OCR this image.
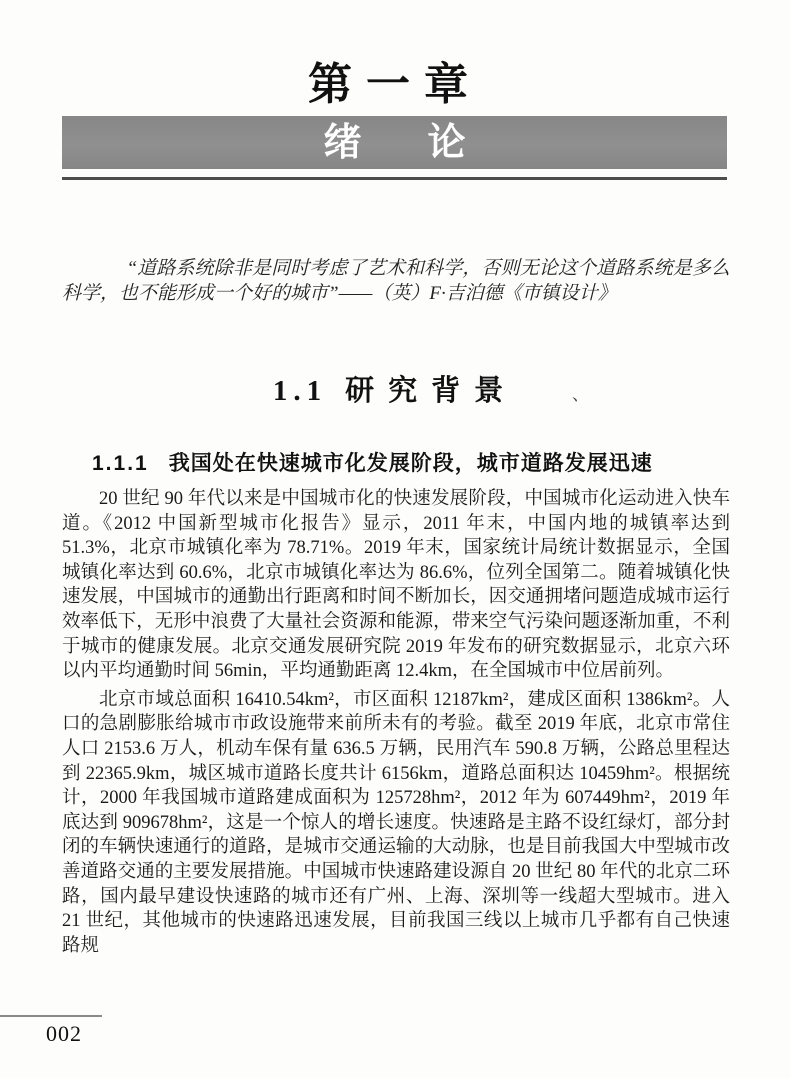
第一章
绪 论
“道路系统除非是同时考虑了艺术和科学，否则无论这个道路系统是多么科学，也不能形成一个好的城市”——（英）F·吉泊德《市镇设计》
1.1 研究背景	、
1.1.1 我国处在快速城市化发展阶段，城市道路发展迅速

20 世纪 90 年代以来是中国城市化的快速发展阶段，中国城市化运动进入快车道。《2012 中国新型城市化报告》显示，2011 年末，中国内地的城镇率达到 51.3%，北京市城镇化率为 78.71%。2019 年末，国家统计局统计数据显示，全国城镇化率达到 60.6%，北京市城镇化率达为 86.6%，位列全国第二。随着城镇化快速发展，中国城市的通勤出行距离和时间不断加长，因交通拥堵问题造成城市运行效率低下，无形中浪费了大量社会资源和能源，带来空气污染问题逐渐加重，不利于城市的健康发展。北京交通发展研究院 2019 年发布的研究数据显示，北京六环以内平均通勤时间 56min，平均通勤距离 12.4km，在全国城市中位居前列。

北京市域总面积 16410.54km²，市区面积 12187km²，建成区面积 1386km²。人口的急剧膨胀给城市市政设施带来前所未有的考验。截至 2019 年底，北京市常住人口 2153.6 万人，机动车保有量 636.5 万辆，民用汽车 590.8 万辆，公路总里程达到 22365.9km，城区城市道路长度共计 6156km，道路总面积达 10459hm²。根据统计，2000 年我国城市道路建成面积为 125728hm²，2012 年为 607449hm²，2019 年底达到 909678hm²，这是一个惊人的增长速度。快速路是主路不设红绿灯，部分封闭的车辆快速通行的道路，是城市交通运输的大动脉，也是目前我国大中型城市改善道路交通的主要发展措施。中国城市快速路建设源自 20 世纪 80 年代的北京二环路，国内最早建设快速路的城市还有广州、上海、深圳等一线超大型城市。进入 21 世纪，其他城市的快速路迅速发展，目前我国三线以上城市几乎都有自己快速路规

002
